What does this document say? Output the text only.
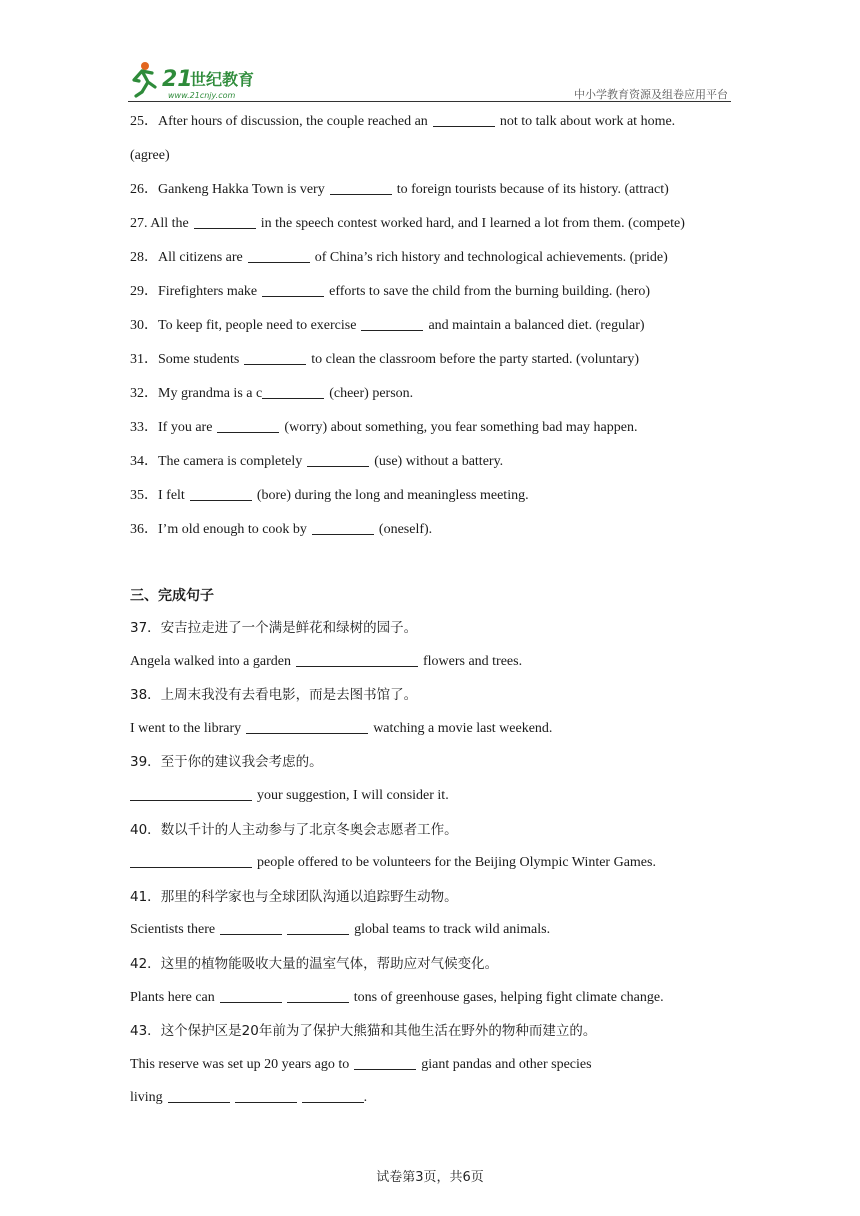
21
世纪教育
www.21cnjy.com	中小学教育资源及组卷应用平台
25．After hours of discussion, the couple reached an	not to talk about work at home.
(agree)
26．Gankeng Hakka Town is very	to foreign tourists because of its history. (attract)
27. All the	in the speech contest worked hard, and I learned a lot from them. (compete)
28．All citizens are	of China’s rich history and technological achievements. (pride)
29．Firefighters make	efforts to save the child from the burning building. (hero)
30．To keep fit, people need to exercise	and maintain a balanced diet. (regular)
31．Some students	to clean the classroom before the party started. (voluntary)
32．My grandma is a c	(cheer) person.
33．If you are	(worry) about something, you fear something bad may happen.
34．The camera is completely	(use) without a battery.
35．I felt	(bore) during the long and meaningless meeting.
36．I’m old enough to cook by	(oneself).
三、完成句子
37．安吉拉走进了一个满是鲜花和绿树的园子。
Angela walked into a garden	flowers and trees.
38．上周末我没有去看电影，而是去图书馆了。
I went to the library	watching a movie last weekend.
39．至于你的建议我会考虑的。
your suggestion, I will consider it.
40．数以千计的人主动参与了北京冬奥会志愿者工作。
people offered to be volunteers for the Beijing Olympic Winter Games.
41．那里的科学家也与全球团队沟通以追踪野生动物。
Scientists there	global teams to track wild animals.
42．这里的植物能吸收大量的温室气体，帮助应对气候变化。
Plants here can	tons of greenhouse gases, helping fight climate change.
43．这个保护区是20年前为了保护大熊猫和其他生活在野外的物种而建立的。
This reserve was set up 20 years ago to	giant pandas and other species
living	.
试卷第3页，共6页
